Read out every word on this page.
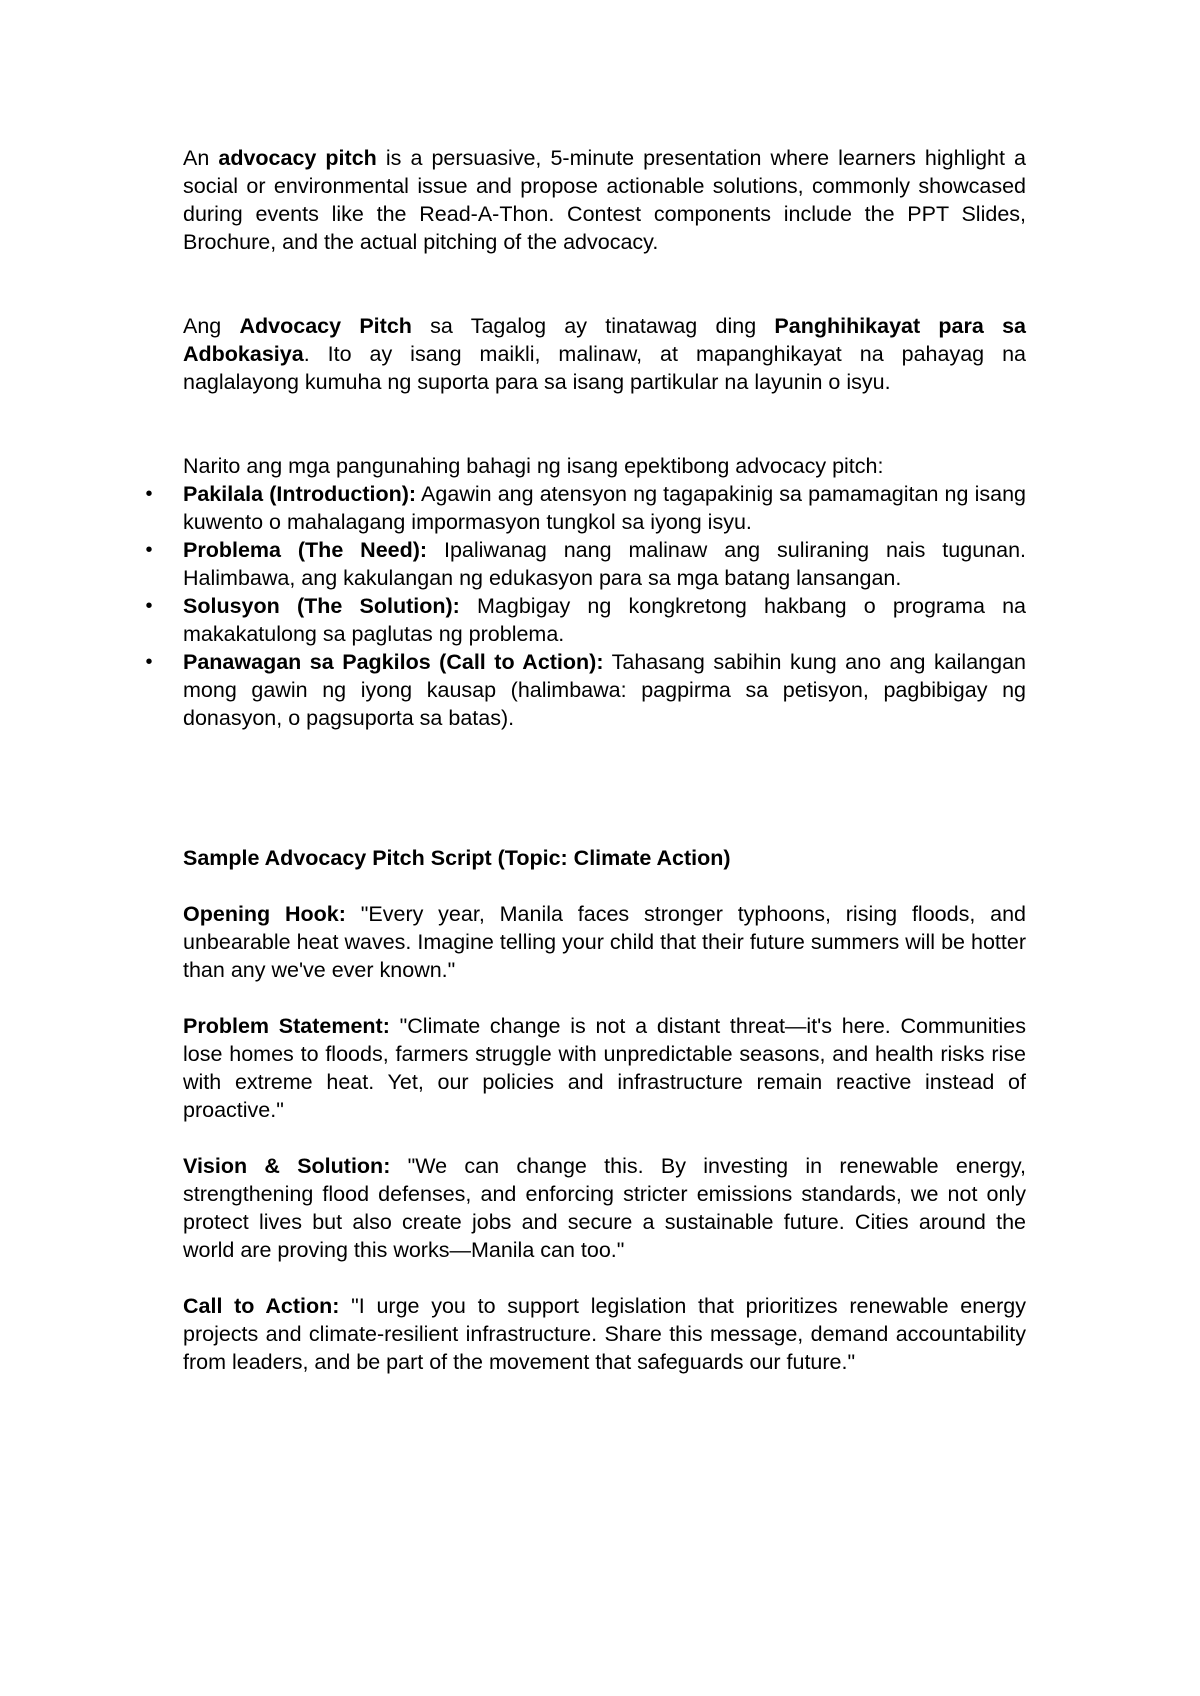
An advocacy pitch is a persuasive, 5-minute presentation where learners highlight a social or environmental issue and propose actionable solutions, commonly showcased during events like the Read-A-Thon. Contest components include the PPT Slides, Brochure, and the actual pitching of the advocacy.

Ang Advocacy Pitch sa Tagalog ay tinatawag ding Panghihikayat para sa Adbokasiya. Ito ay isang maikli, malinaw, at mapanghikayat na pahayag na naglalayong kumuha ng suporta para sa isang partikular na layunin o isyu.

Narito ang mga pangunahing bahagi ng isang epektibong advocacy pitch:

• Pakilala (Introduction): Agawin ang atensyon ng tagapakinig sa pamamagitan ng isang kuwento o mahalagang impormasyon tungkol sa iyong isyu.
• Problema (The Need): Ipaliwanag nang malinaw ang suliraning nais tugunan. Halimbawa, ang kakulangan ng edukasyon para sa mga batang lansangan.
• Solusyon (The Solution): Magbigay ng kongkretong hakbang o programa na makakatulong sa paglutas ng problema.
• Panawagan sa Pagkilos (Call to Action): Tahasang sabihin kung ano ang kailangan mong gawin ng iyong kausap (halimbawa: pagpirma sa petisyon, pagbibigay ng donasyon, o pagsuporta sa batas).

Sample Advocacy Pitch Script (Topic: Climate Action)

Opening Hook: "Every year, Manila faces stronger typhoons, rising floods, and unbearable heat waves. Imagine telling your child that their future summers will be hotter than any we've ever known."

Problem Statement: "Climate change is not a distant threat—it's here. Communities lose homes to floods, farmers struggle with unpredictable seasons, and health risks rise with extreme heat. Yet, our policies and infrastructure remain reactive instead of proactive."

Vision & Solution: "We can change this. By investing in renewable energy, strengthening flood defenses, and enforcing stricter emissions standards, we not only protect lives but also create jobs and secure a sustainable future. Cities around the world are proving this works—Manila can too."

Call to Action: "I urge you to support legislation that prioritizes renewable energy projects and climate-resilient infrastructure. Share this message, demand accountability from leaders, and be part of the movement that safeguards our future."
